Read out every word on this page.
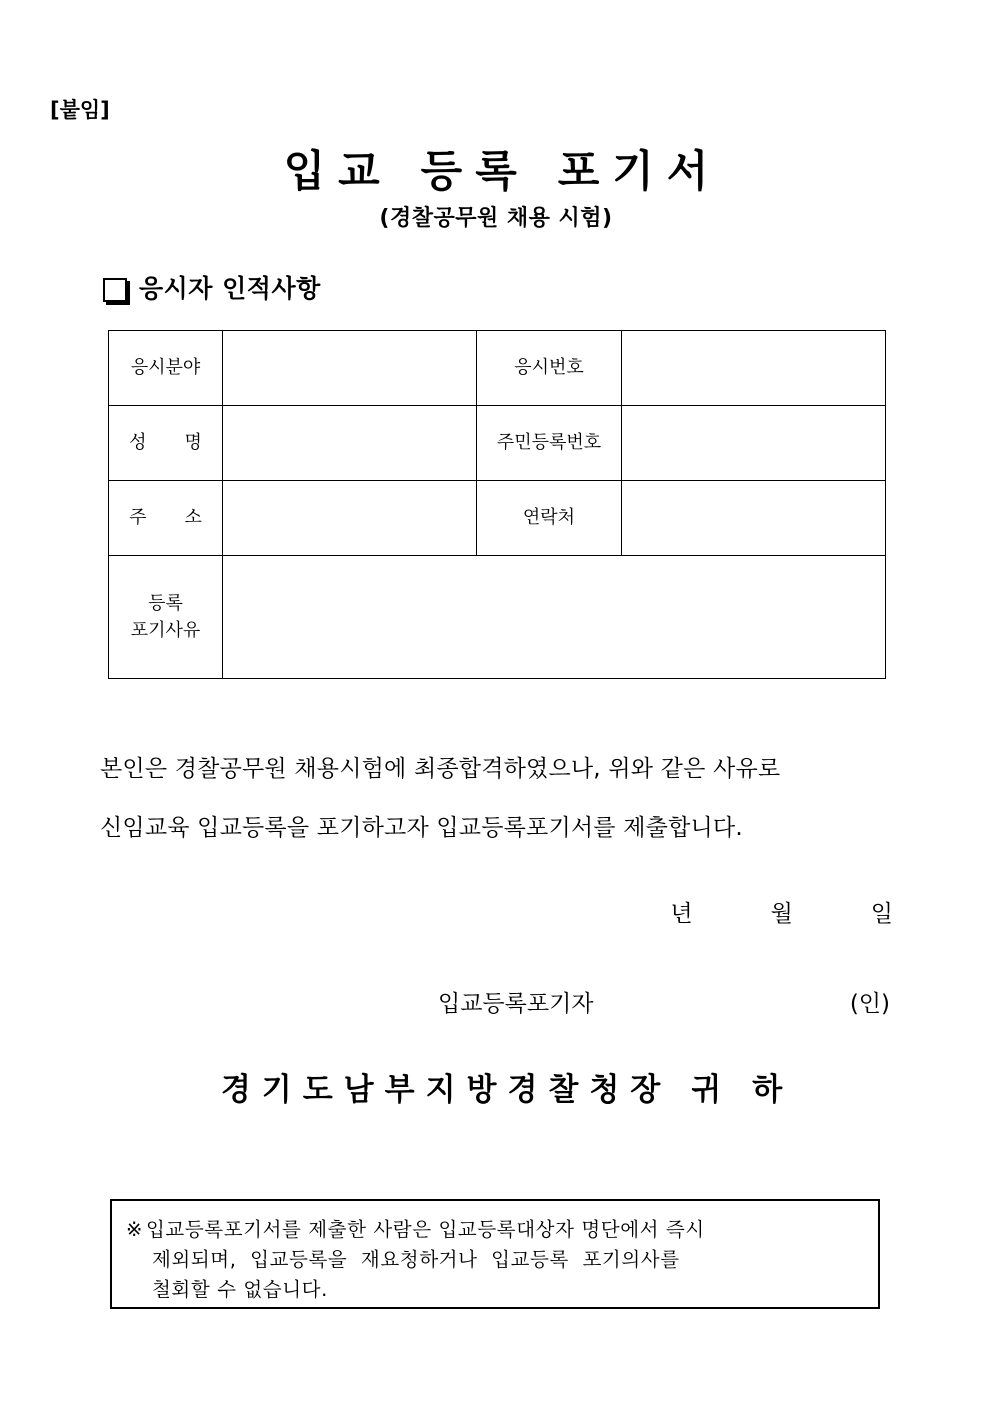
[붙임]
입교 등록 포기서
(경찰공무원 채용 시험)
응시자 인적사항
응시분야		응시번호	
성 명		주민등록번호	
주 소		연락처	

등록
포기사유			

본인은 경찰공무원 채용시험에 최종합격하였으나, 위와 같은 사유로

신임교육 입교등록을 포기하고자 입교등록포기서를 제출합니다.

년	월	일
입교등록포기자	(인)
경기도남부지방경찰청장 귀 하

※ 입교등록포기서를 제출한 사람은 입교등록대상자 명단에서 즉시

제외되며,  입교등록을  재요청하거나  입교등록  포기의사를

철회할 수 없습니다.
